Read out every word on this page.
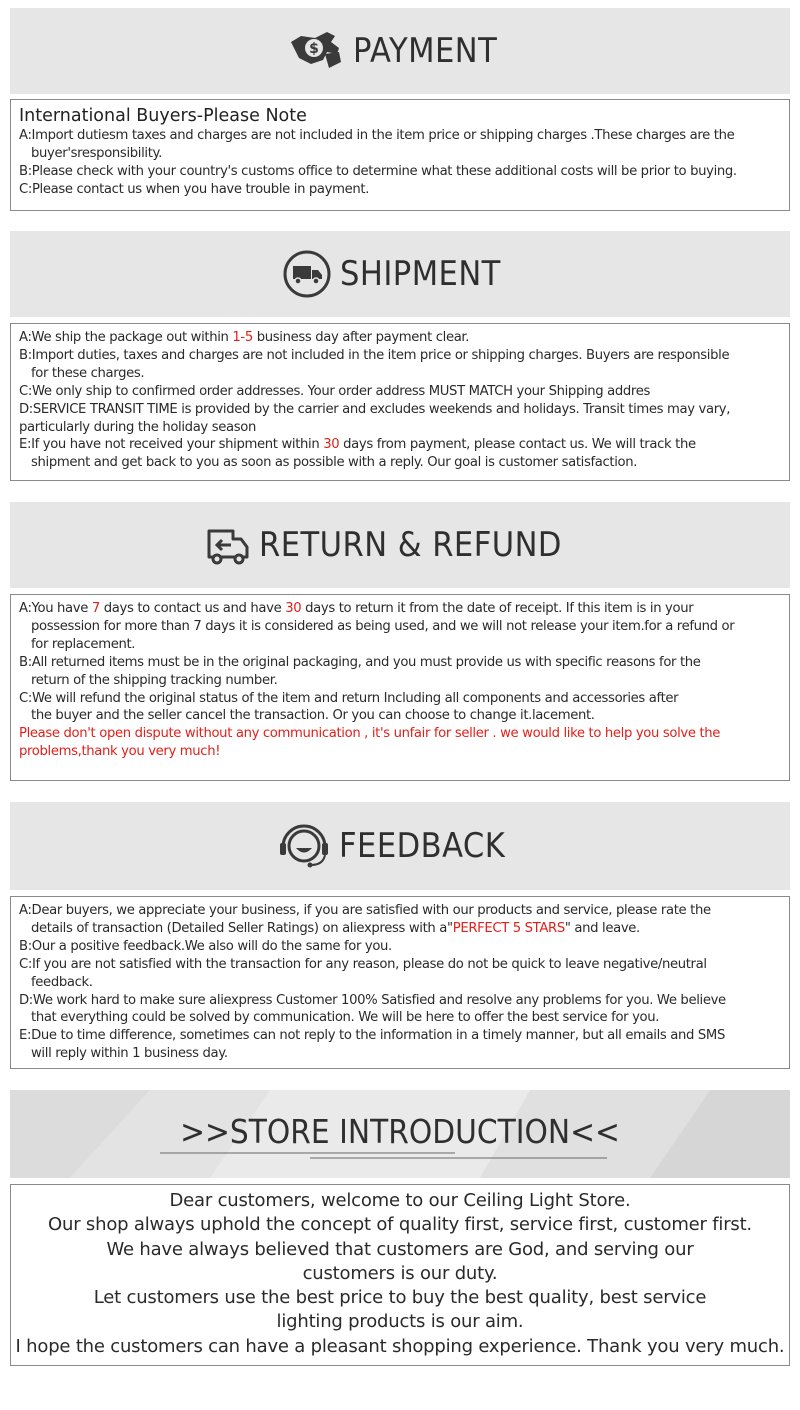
$ PAYMENT

International Buyers-Please Note

A:Import dutiesm taxes and charges are not included in the item price or shipping charges .These charges are the

buyer'sresponsibility.

B:Please check with your country's customs office to determine what these additional costs will be prior to buying.

C:Please contact us when you have trouble in payment.

SHIPMENT

A:We ship the package out within 1-5 business day after payment clear.

B:Import duties, taxes and charges are not included in the item price or shipping charges. Buyers are responsible

for these charges.

C:We only ship to confirmed order addresses. Your order address MUST MATCH your Shipping addres

D:SERVICE TRANSIT TIME is provided by the carrier and excludes weekends and holidays. Transit times may vary,

particularly during the holiday season

E:If you have not received your shipment within 30 days from payment, please contact us. We will track the

shipment and get back to you as soon as possible with a reply. Our goal is customer satisfaction.

RETURN & REFUND

A:You have 7 days to contact us and have 30 days to return it from the date of receipt. If this item is in your

possession for more than 7 days it is considered as being used, and we will not release your item.for a refund or

for replacement.

B:All returned items must be in the original packaging, and you must provide us with specific reasons for the

return of the shipping tracking number.

C:We will refund the original status of the item and return Including all components and accessories after

the buyer and the seller cancel the transaction. Or you can choose to change it.lacement.

Please don't open dispute without any communication , it's unfair for seller . we would like to help you solve the problems,thank you very much!

FEEDBACK

A:Dear buyers, we appreciate your business, if you are satisfied with our products and service, please rate the

details of transaction (Detailed Seller Ratings) on aliexpress with a"PERFECT 5 STARS" and leave.

B:Our a positive feedback.We also will do the same for you.

C:If you are not satisfied with the transaction for any reason, please do not be quick to leave negative/neutral

feedback.

D:We work hard to make sure aliexpress Customer 100% Satisfied and resolve any problems for you. We believe

that everything could be solved by communication. We will be here to offer the best service for you.

E:Due to time difference, sometimes can not reply to the information in a timely manner, but all emails and SMS

will reply within 1 business day.

>>STORE INTRODUCTION<<

Dear customers, welcome to our Ceiling Light Store.

Our shop always uphold the concept of quality first, service first, customer first.

We have always believed that customers are God, and serving our

customers is our duty.

Let customers use the best price to buy the best quality, best service

lighting products is our aim.

I hope the customers can have a pleasant shopping experience. Thank you very much.
